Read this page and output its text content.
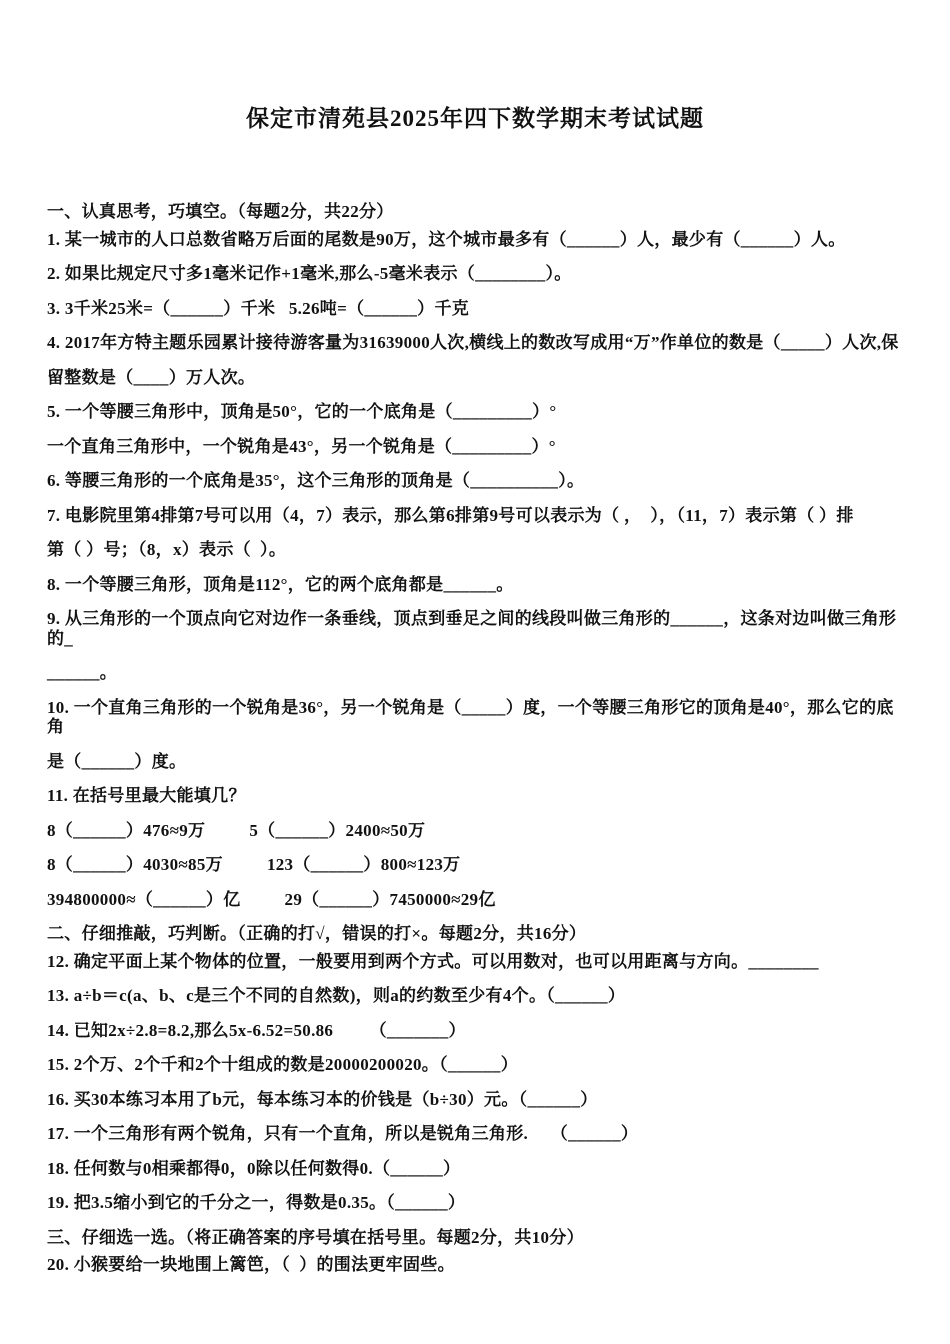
保定市清苑县2025年四下数学期末考试试题

一、认真思考，巧填空。（每题2分，共22分）

1. 某一城市的人口总数省略万后面的尾数是90万，这个城市最多有（______）人，最少有（______）人。

2. 如果比规定尺寸多1毫米记作+1毫米,那么-5毫米表示（________）。

3. 3千米25米=（______）千米   5.26吨=（______）千克

4. 2017年方特主题乐园累计接待游客量为31639000人次,横线上的数改写成用“万”作单位的数是（_____）人次,保

留整数是（____）万人次。

5. 一个等腰三角形中，顶角是50°，它的一个底角是（_________）°

一个直角三角形中，一个锐角是43°，另一个锐角是（_________）°

6. 等腰三角形的一个底角是35°，这个三角形的顶角是（__________）。

7. 电影院里第4排第7号可以用（4，7）表示，那么第6排第9号可以表示为（ ，  ），（11，7）表示第（ ）排

第（ ）号；（8，x）表示（  ）。

8. 一个等腰三角形，顶角是112°，它的两个底角都是______。

9. 从三角形的一个顶点向它对边作一条垂线，顶点到垂足之间的线段叫做三角形的______，这条对边叫做三角形的_

______。

10. 一个直角三角形的一个锐角是36°，另一个锐角是（_____）度，一个等腰三角形它的顶角是40°，那么它的底角

是（______）度。

11. 在括号里最大能填几？

8（______）476≈9万	5（______）2400≈50万

8（______）4030≈85万	123（______）800≈123万

394800000≈（______）亿	29（______）7450000≈29亿

二、仔细推敲，巧判断。（正确的打√，错误的打×。每题2分，共16分）

12. 确定平面上某个物体的位置，一般要用到两个方式。可以用数对，也可以用距离与方向。________

13. a÷b＝c(a、b、c是三个不同的自然数)，则a的约数至少有4个。（______）

14. 已知2x÷2.8=8.2,那么5x-6.52=50.86        （_______）

15. 2个万、2个千和2个十组成的数是20000200020。（______）

16. 买30本练习本用了b元，每本练习本的价钱是（b÷30）元。（______）

17. 一个三角形有两个锐角，只有一个直角，所以是锐角三角形.     （______）

18. 任何数与0相乘都得0，0除以任何数得0.（______）

19. 把3.5缩小到它的千分之一，得数是0.35。（______）

三、仔细选一选。（将正确答案的序号填在括号里。每题2分，共10分）

20. 小猴要给一块地围上篱笆，（  ）的围法更牢固些。
